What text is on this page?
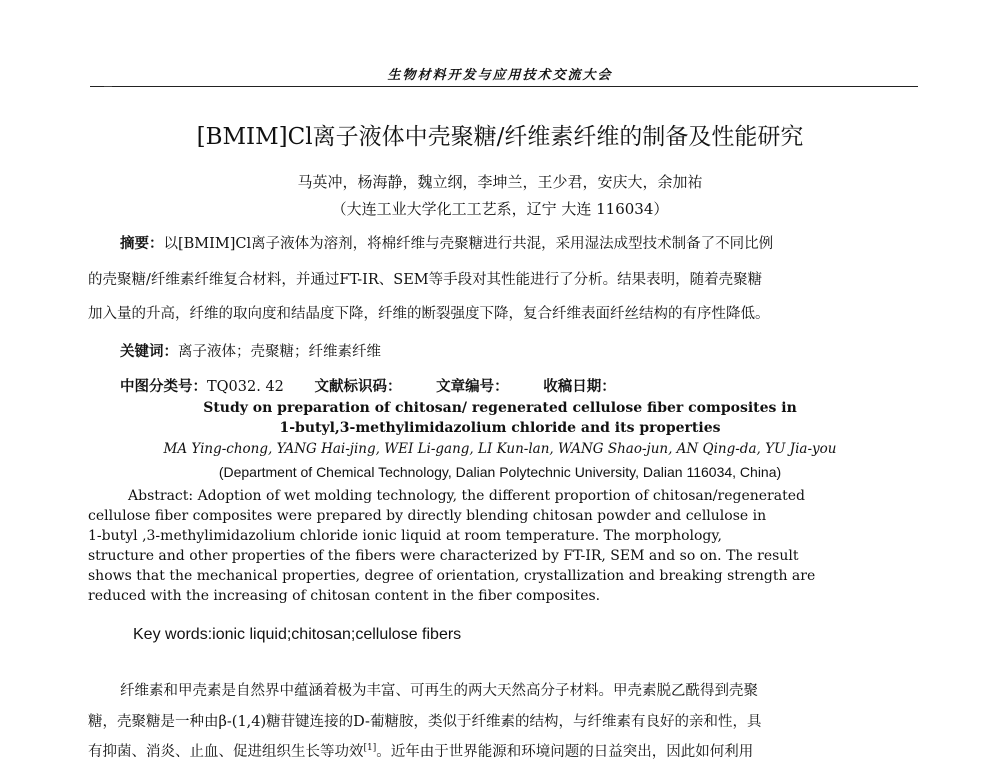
生物材料开发与应用技术交流大会
[BMIM]Cl离子液体中壳聚糖/纤维素纤维的制备及性能研究
马英冲，杨海静，魏立纲，李坤兰，王少君，安庆大，余加祐
（大连工业大学化工工艺系，辽宁 大连 116034）
摘要：以[BMIM]Cl离子液体为溶剂，将棉纤维与壳聚糖进行共混，采用湿法成型技术制备了不同比例
的壳聚糖/纤维素纤维复合材料，并通过FT-IR、SEM等手段对其性能进行了分析。结果表明，随着壳聚糖
加入量的升高，纤维的取向度和结晶度下降，纤维的断裂强度下降，复合纤维表面纤丝结构的有序性降低。
关键词：离子液体；壳聚糖；纤维素纤维
中图分类号：TQ032. 42 文献标识码： 文章编号： 收稿日期：
Study on preparation of chitosan/ regenerated cellulose fiber composites in
1-butyl,3-methylimidazolium chloride and its properties
MA Ying-chong, YANG Hai-jing, WEI Li-gang, LI Kun-lan, WANG Shao-jun, AN Qing-da, YU Jia-you
(Department of Chemical Technology, Dalian Polytechnic University, Dalian 116034, China)
Abstract: Adoption of wet molding technology, the different proportion of chitosan/regenerated
cellulose fiber composites were prepared by directly blending chitosan powder and cellulose in
1-butyl ,3-methylimidazolium chloride ionic liquid at room temperature. The morphology,
structure and other properties of the fibers were characterized by FT-IR, SEM and so on. The result
shows that the mechanical properties, degree of orientation, crystallization and breaking strength are
reduced with the increasing of chitosan content in the fiber composites.
Key words:ionic liquid;chitosan;cellulose fibers
纤维素和甲壳素是自然界中蕴涵着极为丰富、可再生的两大天然高分子材料。甲壳素脱乙酰得到壳聚
糖，壳聚糖是一种由β-(1,4)糖苷键连接的D-葡糖胺，类似于纤维素的结构，与纤维素有良好的亲和性，具
有抑菌、消炎、止血、促进组织生长等功效[1]。近年由于世界能源和环境问题的日益突出，因此如何利用
